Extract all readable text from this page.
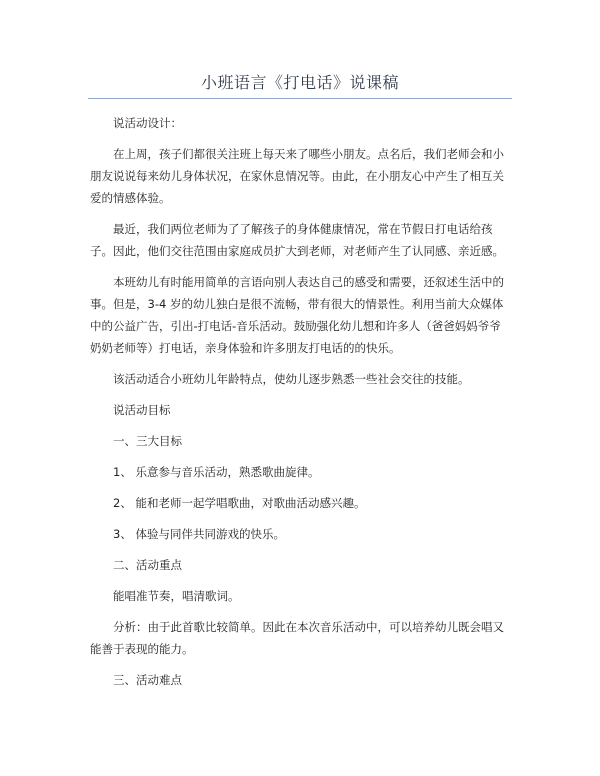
小班语言《打电话》说课稿

说活动设计：

在上周，孩子们都很关注班上每天来了哪些小朋友。点名后，我们老师会和小朋友说说每来幼儿身体状况，在家休息情况等。由此，在小朋友心中产生了相互关爱的情感体验。

最近，我们两位老师为了了解孩子的身体健康情况，常在节假日打电话给孩子。因此，他们交往范围由家庭成员扩大到老师，对老师产生了认同感、亲近感。

本班幼儿有时能用简单的言语向别人表达自己的感受和需要，还叙述生活中的事。但是，3-4 岁的幼儿独白是很不流畅，带有很大的情景性。利用当前大众媒体中的公益广告，引出-打电话-音乐活动。鼓励强化幼儿想和许多人（爸爸妈妈爷爷奶奶老师等）打电话，亲身体验和许多朋友打电话的的快乐。

该活动适合小班幼儿年龄特点，使幼儿逐步熟悉一些社会交往的技能。

说活动目标

一、三大目标

1、 乐意参与音乐活动，熟悉歌曲旋律。

2、 能和老师一起学唱歌曲，对歌曲活动感兴趣。

3、 体验与同伴共同游戏的快乐。

二、活动重点

能唱准节奏，唱清歌词。

分析：由于此首歌比较简单。因此在本次音乐活动中，可以培养幼儿既会唱又能善于表现的能力。

三、活动难点
